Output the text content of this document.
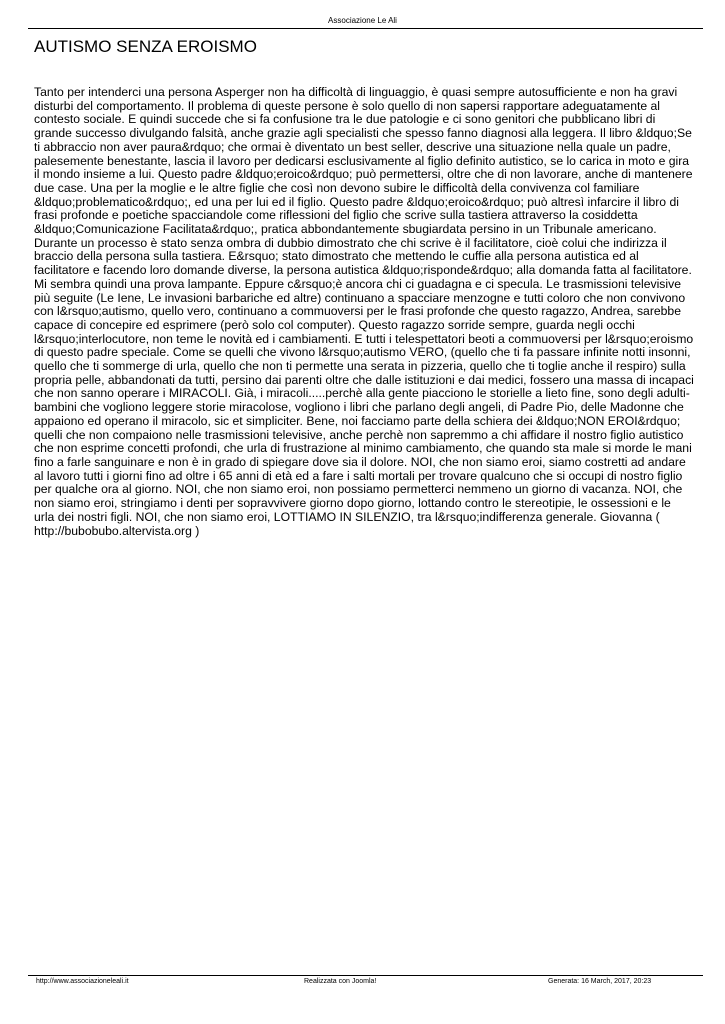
Associazione Le Ali
AUTISMO SENZA EROISMO

Tanto per intenderci una persona Asperger non ha difficoltà di linguaggio, è quasi sempre autosufficiente e non ha gravi disturbi del comportamento. Il problema di queste persone è solo quello di non sapersi rapportare adeguatamente al contesto sociale. E quindi succede che si fa confusione tra le due patologie e ci sono genitori che pubblicano libri di grande successo divulgando falsità, anche grazie agli specialisti che spesso fanno diagnosi alla leggera. Il libro &ldquo;Se ti abbraccio non aver paura&rdquo; che ormai è diventato un best seller, descrive una situazione nella quale un padre, palesemente benestante, lascia il lavoro per dedicarsi esclusivamente al figlio definito autistico, se lo carica in moto e gira il mondo insieme a lui. Questo padre &ldquo;eroico&rdquo; può permettersi, oltre che di non lavorare, anche di mantenere due case. Una per la moglie e le altre figlie che così non devono subire le difficoltà della convivenza col familiare &ldquo;problematico&rdquo;, ed una per lui ed il figlio. Questo padre &ldquo;eroico&rdquo; può altresì infarcire il libro di frasi profonde e poetiche spacciandole come riflessioni del figlio che scrive sulla tastiera attraverso la cosiddetta &ldquo;Comunicazione Facilitata&rdquo;, pratica abbondantemente sbugiardata persino in un Tribunale americano. Durante un processo è stato senza ombra di dubbio dimostrato che chi scrive è il facilitatore, cioè colui che indirizza il braccio della persona sulla tastiera. E&rsquo; stato dimostrato che mettendo le cuffie alla persona autistica ed al facilitatore e facendo loro domande diverse, la persona autistica &ldquo;risponde&rdquo; alla domanda fatta al facilitatore. Mi sembra quindi una prova lampante. Eppure c&rsquo;è ancora chi ci guadagna e ci specula. Le trasmissioni televisive più seguite (Le Iene, Le invasioni barbariche ed altre) continuano a spacciare menzogne e tutti coloro che non convivono con l&rsquo;autismo, quello vero, continuano a commuoversi per le frasi profonde che questo ragazzo, Andrea, sarebbe capace di concepire ed esprimere (però solo col computer). Questo ragazzo sorride sempre, guarda negli occhi l&rsquo;interlocutore, non teme le novità ed i cambiamenti. E tutti i telespettatori beoti a commuoversi per l&rsquo;eroismo di questo padre speciale. Come se quelli che vivono l&rsquo;autismo VERO, (quello che ti fa passare infinite notti insonni, quello che ti sommerge di urla, quello che non ti permette una serata in pizzeria, quello che ti toglie anche il respiro) sulla propria pelle, abbandonati da tutti, persino dai parenti oltre che dalle istituzioni e dai medici, fossero una massa di incapaci che non sanno operare i MIRACOLI. Già, i miracoli.....perchè alla gente piacciono le storielle a lieto fine, sono degli adulti-bambini che vogliono leggere storie miracolose, vogliono i libri che parlano degli angeli, di Padre Pio, delle Madonne che appaiono ed operano il miracolo, sic et simpliciter. Bene, noi facciamo parte della schiera dei &ldquo;NON EROI&rdquo; quelli che non compaiono nelle trasmissioni televisive, anche perchè non sapremmo a chi affidare il nostro figlio autistico che non esprime concetti profondi, che urla di frustrazione al minimo cambiamento, che quando sta male si morde le mani fino a farle sanguinare e non è in grado di spiegare dove sia il dolore. NOI, che non siamo eroi, siamo costretti ad andare al lavoro tutti i giorni fino ad oltre i 65 anni di età ed a fare i salti mortali per trovare qualcuno che si occupi di nostro figlio per qualche ora al giorno. NOI, che non siamo eroi, non possiamo permetterci nemmeno un giorno di vacanza. NOI, che non siamo eroi, stringiamo i denti per sopravvivere giorno dopo giorno, lottando contro le stereotipie, le ossessioni e le urla dei nostri figli. NOI, che non siamo eroi, LOTTIAMO IN SILENZIO, tra l&rsquo;indifferenza generale. Giovanna ( http://bubobubo.altervista.org )

http://www.associazioneleali.it	Realizzata con Joomla!	Generata: 16 March, 2017, 20:23
